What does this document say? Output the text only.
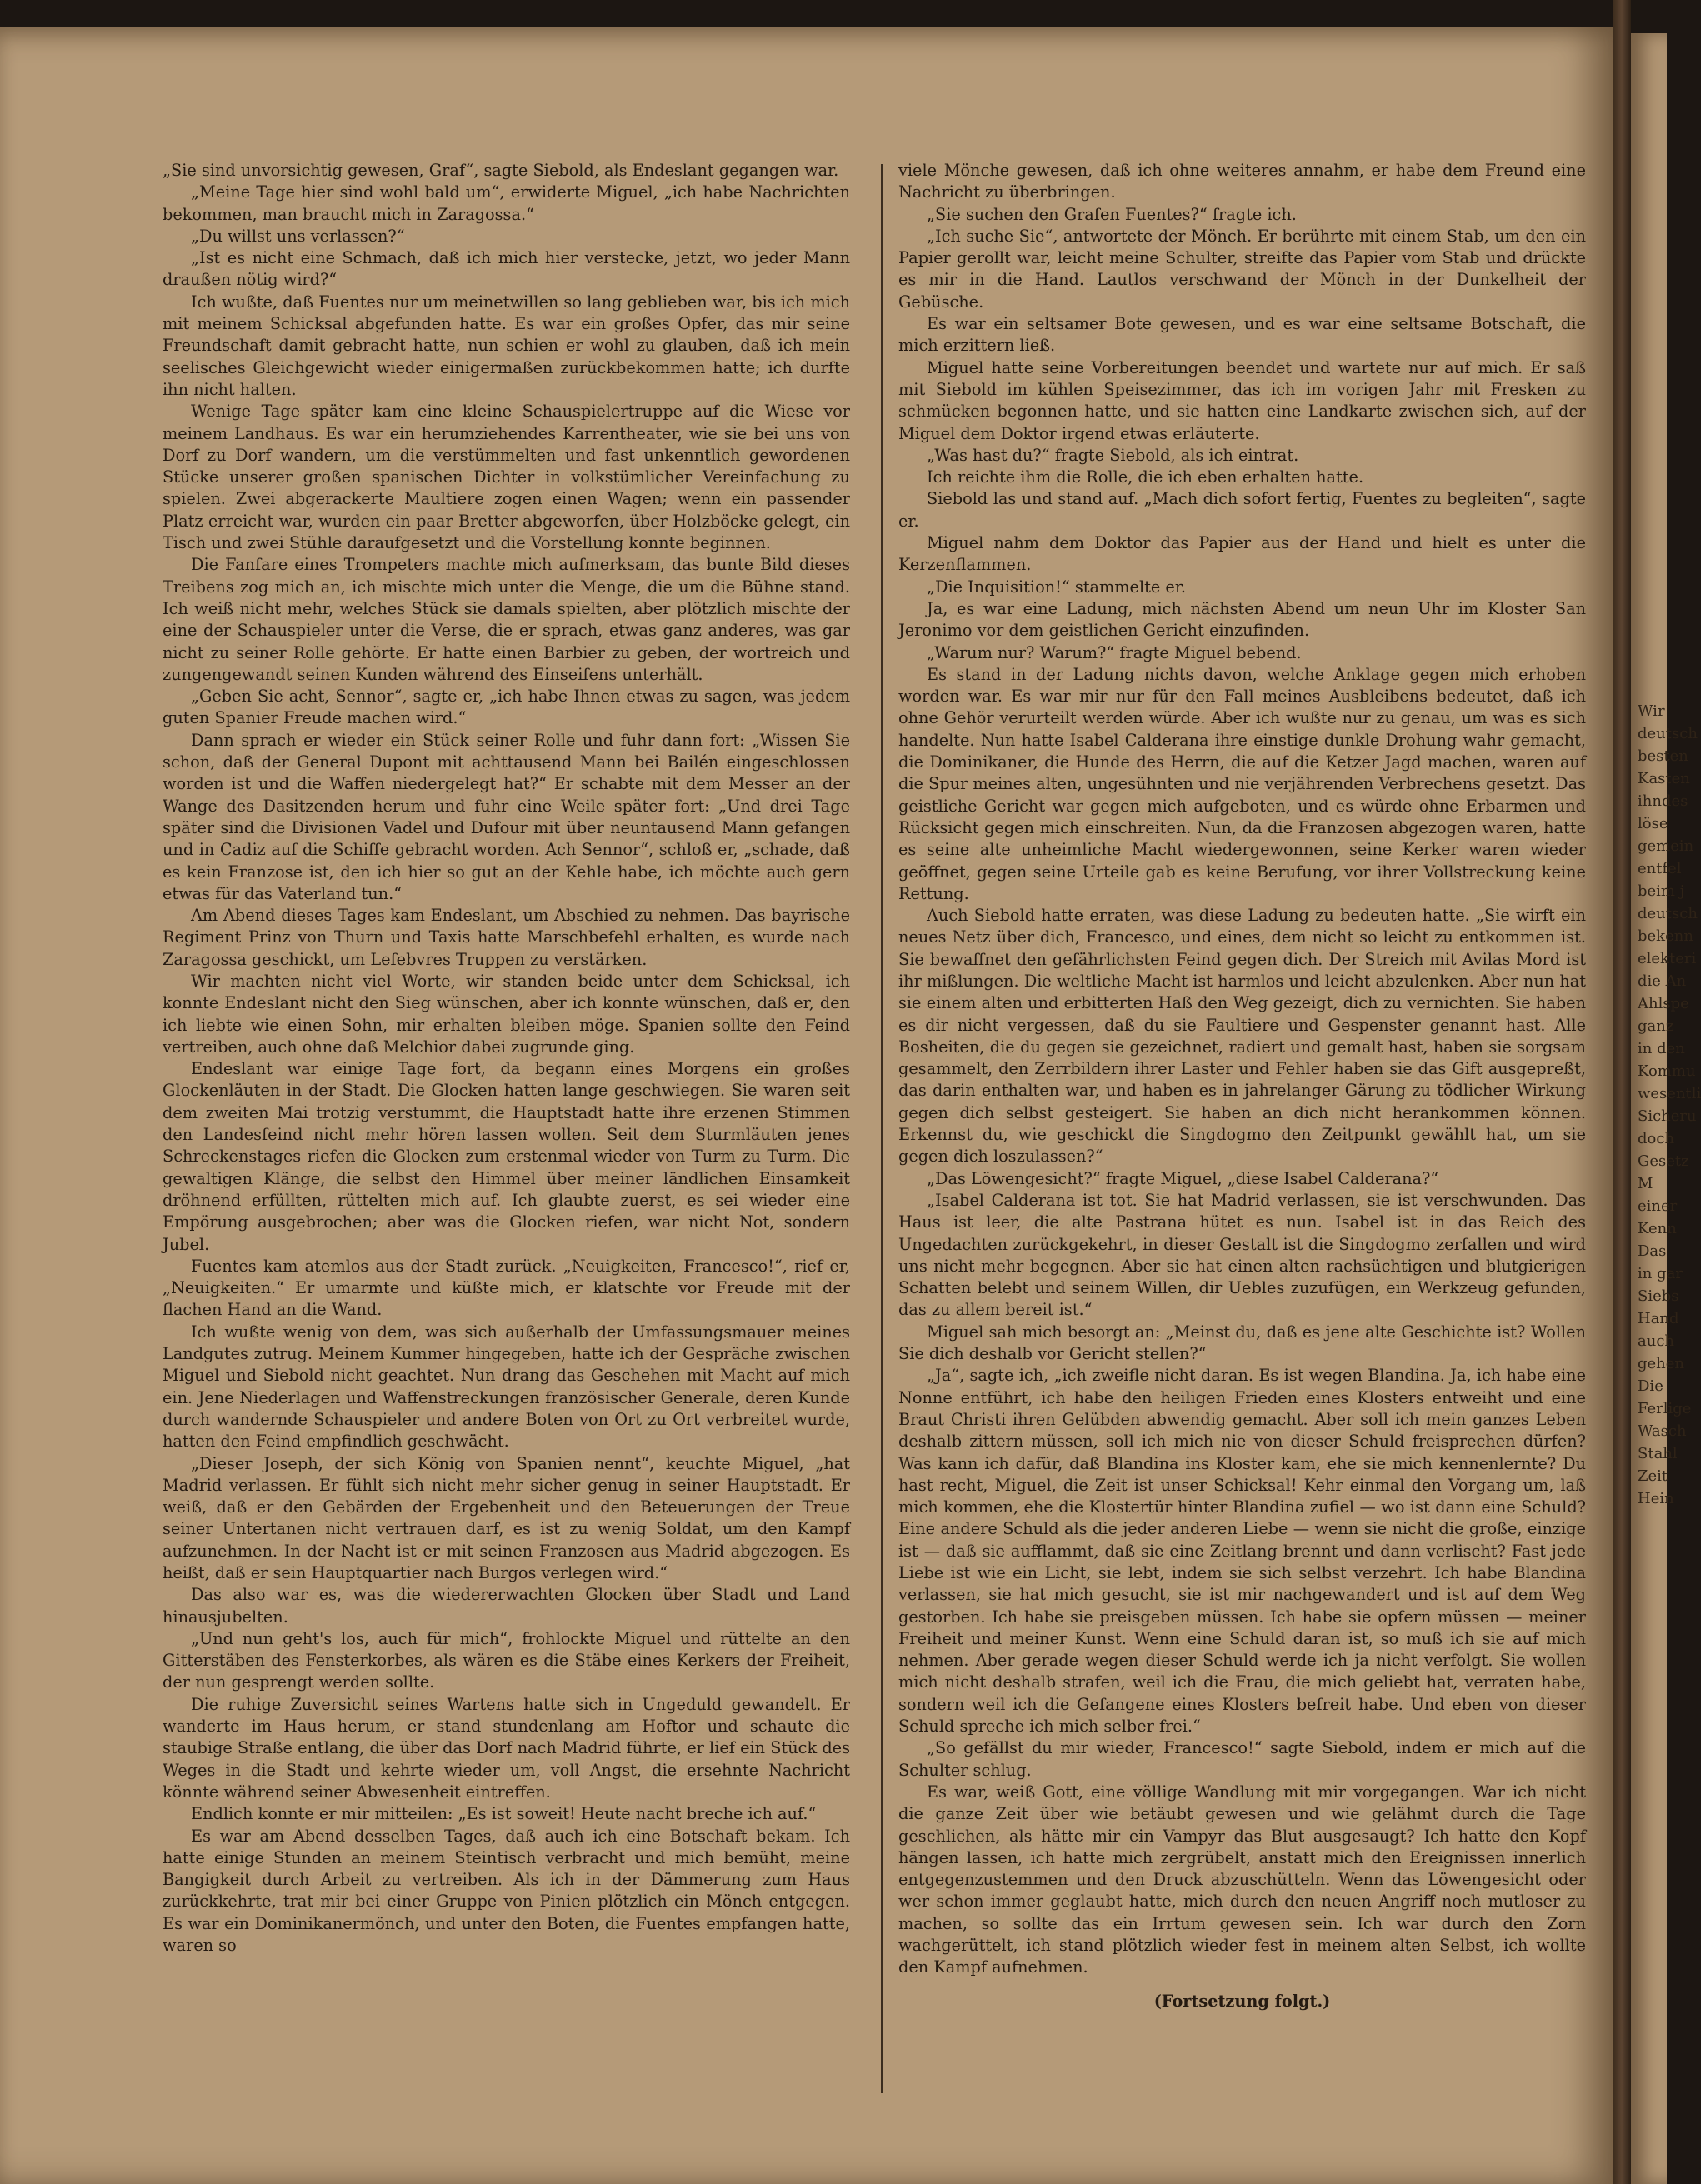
„Sie sind unvorsichtig gewesen, Graf“, sagte Siebold, als Endeslant gegangen war.

„Meine Tage hier sind wohl bald um“, erwiderte Miguel, „ich habe Nachrichten bekommen, man braucht mich in Zaragossa.“

„Du willst uns verlassen?“

„Ist es nicht eine Schmach, daß ich mich hier verstecke, jetzt, wo jeder Mann draußen nötig wird?“

Ich wußte, daß Fuentes nur um meinetwillen so lang geblieben war, bis ich mich mit meinem Schicksal abgefunden hatte. Es war ein großes Opfer, das mir seine Freundschaft damit gebracht hatte, nun schien er wohl zu glauben, daß ich mein seelisches Gleichgewicht wieder einigermaßen zurückbekommen hatte; ich durfte ihn nicht halten.

Wenige Tage später kam eine kleine Schauspielertruppe auf die Wiese vor meinem Landhaus. Es war ein herumziehendes Karrentheater, wie sie bei uns von Dorf zu Dorf wandern, um die verstümmelten und fast unkenntlich gewordenen Stücke unserer großen spanischen Dichter in volkstümlicher Vereinfachung zu spielen. Zwei abgerackerte Maultiere zogen einen Wagen; wenn ein passender Platz erreicht war, wurden ein paar Bretter abgeworfen, über Holzböcke gelegt, ein Tisch und zwei Stühle daraufgesetzt und die Vorstellung konnte beginnen.

Die Fanfare eines Trompeters machte mich aufmerksam, das bunte Bild dieses Treibens zog mich an, ich mischte mich unter die Menge, die um die Bühne stand. Ich weiß nicht mehr, welches Stück sie damals spielten, aber plötzlich mischte der eine der Schauspieler unter die Verse, die er sprach, etwas ganz anderes, was gar nicht zu seiner Rolle gehörte. Er hatte einen Barbier zu geben, der wortreich und zungengewandt seinen Kunden während des Einseifens unterhält.

„Geben Sie acht, Sennor“, sagte er, „ich habe Ihnen etwas zu sagen, was jedem guten Spanier Freude machen wird.“

Dann sprach er wieder ein Stück seiner Rolle und fuhr dann fort: „Wissen Sie schon, daß der General Dupont mit achttausend Mann bei Bailén eingeschlossen worden ist und die Waffen niedergelegt hat?“ Er schabte mit dem Messer an der Wange des Dasitzenden herum und fuhr eine Weile später fort: „Und drei Tage später sind die Divisionen Vadel und Dufour mit über neuntausend Mann gefangen und in Cadiz auf die Schiffe gebracht worden. Ach Sennor“, schloß er, „schade, daß es kein Franzose ist, den ich hier so gut an der Kehle habe, ich möchte auch gern etwas für das Vaterland tun.“

Am Abend dieses Tages kam Endeslant, um Abschied zu nehmen. Das bayrische Regiment Prinz von Thurn und Taxis hatte Marschbefehl erhalten, es wurde nach Zaragossa geschickt, um Lefebvres Truppen zu verstärken.

Wir machten nicht viel Worte, wir standen beide unter dem Schicksal, ich konnte Endeslant nicht den Sieg wünschen, aber ich konnte wünschen, daß er, den ich liebte wie einen Sohn, mir erhalten bleiben möge. Spanien sollte den Feind vertreiben, auch ohne daß Melchior dabei zugrunde ging.

Endeslant war einige Tage fort, da begann eines Morgens ein großes Glockenläuten in der Stadt. Die Glocken hatten lange geschwiegen. Sie waren seit dem zweiten Mai trotzig verstummt, die Hauptstadt hatte ihre erzenen Stimmen den Landesfeind nicht mehr hören lassen wollen. Seit dem Sturmläuten jenes Schreckenstages riefen die Glocken zum erstenmal wieder von Turm zu Turm. Die gewaltigen Klänge, die selbst den Himmel über meiner ländlichen Einsamkeit dröhnend erfüllten, rüttelten mich auf. Ich glaubte zuerst, es sei wieder eine Empörung ausgebrochen; aber was die Glocken riefen, war nicht Not, sondern Jubel.

Fuentes kam atemlos aus der Stadt zurück. „Neuigkeiten, Francesco!“, rief er, „Neuigkeiten.“ Er umarmte und küßte mich, er klatschte vor Freude mit der flachen Hand an die Wand.

Ich wußte wenig von dem, was sich außerhalb der Umfassungsmauer meines Landgutes zutrug. Meinem Kummer hingegeben, hatte ich der Gespräche zwischen Miguel und Siebold nicht geachtet. Nun drang das Geschehen mit Macht auf mich ein. Jene Niederlagen und Waffenstreckungen französischer Generale, deren Kunde durch wandernde Schauspieler und andere Boten von Ort zu Ort verbreitet wurde, hatten den Feind empfindlich geschwächt.

„Dieser Joseph, der sich König von Spanien nennt“, keuchte Miguel, „hat Madrid verlassen. Er fühlt sich nicht mehr sicher genug in seiner Hauptstadt. Er weiß, daß er den Gebärden der Ergebenheit und den Beteuerungen der Treue seiner Untertanen nicht vertrauen darf, es ist zu wenig Soldat, um den Kampf aufzunehmen. In der Nacht ist er mit seinen Franzosen aus Madrid abgezogen. Es heißt, daß er sein Hauptquartier nach Burgos verlegen wird.“

Das also war es, was die wiedererwachten Glocken über Stadt und Land hinausjubelten.

„Und nun geht's los, auch für mich“, frohlockte Miguel und rüttelte an den Gitterstäben des Fensterkorbes, als wären es die Stäbe eines Kerkers der Freiheit, der nun gesprengt werden sollte.

Die ruhige Zuversicht seines Wartens hatte sich in Ungeduld gewandelt. Er wanderte im Haus herum, er stand stundenlang am Hoftor und schaute die staubige Straße entlang, die über das Dorf nach Madrid führte, er lief ein Stück des Weges in die Stadt und kehrte wieder um, voll Angst, die ersehnte Nachricht könnte während seiner Abwesenheit eintreffen.

Endlich konnte er mir mitteilen: „Es ist soweit! Heute nacht breche ich auf.“

Es war am Abend desselben Tages, daß auch ich eine Botschaft bekam. Ich hatte einige Stunden an meinem Steintisch verbracht und mich bemüht, meine Bangigkeit durch Arbeit zu vertreiben. Als ich in der Dämmerung zum Haus zurückkehrte, trat mir bei einer Gruppe von Pinien plötzlich ein Mönch entgegen. Es war ein Dominikanermönch, und unter den Boten, die Fuentes empfangen hatte, waren so

viele Mönche gewesen, daß ich ohne weiteres annahm, er habe dem Freund eine Nachricht zu überbringen.

„Sie suchen den Grafen Fuentes?“ fragte ich.

„Ich suche Sie“, antwortete der Mönch. Er berührte mit einem Stab, um den ein Papier gerollt war, leicht meine Schulter, streifte das Papier vom Stab und drückte es mir in die Hand. Lautlos verschwand der Mönch in der Dunkelheit der Gebüsche.

Es war ein seltsamer Bote gewesen, und es war eine seltsame Botschaft, die mich erzittern ließ.

Miguel hatte seine Vorbereitungen beendet und wartete nur auf mich. Er saß mit Siebold im kühlen Speisezimmer, das ich im vorigen Jahr mit Fresken zu schmücken begonnen hatte, und sie hatten eine Landkarte zwischen sich, auf der Miguel dem Doktor irgend etwas erläuterte.

„Was hast du?“ fragte Siebold, als ich eintrat.

Ich reichte ihm die Rolle, die ich eben erhalten hatte.

Siebold las und stand auf. „Mach dich sofort fertig, Fuentes zu begleiten“, sagte er.

Miguel nahm dem Doktor das Papier aus der Hand und hielt es unter die Kerzenflammen.

„Die Inquisition!“ stammelte er.

Ja, es war eine Ladung, mich nächsten Abend um neun Uhr im Kloster San Jeronimo vor dem geistlichen Gericht einzufinden.

„Warum nur? Warum?“ fragte Miguel bebend.

Es stand in der Ladung nichts davon, welche Anklage gegen mich erhoben worden war. Es war mir nur für den Fall meines Ausbleibens bedeutet, daß ich ohne Gehör verurteilt werden würde. Aber ich wußte nur zu genau, um was es sich handelte. Nun hatte Isabel Calderana ihre einstige dunkle Drohung wahr gemacht, die Dominikaner, die Hunde des Herrn, die auf die Ketzer Jagd machen, waren auf die Spur meines alten, ungesühnten und nie verjährenden Verbrechens gesetzt. Das geistliche Gericht war gegen mich aufgeboten, und es würde ohne Erbarmen und Rücksicht gegen mich einschreiten. Nun, da die Franzosen abgezogen waren, hatte es seine alte unheimliche Macht wiedergewonnen, seine Kerker waren wieder geöffnet, gegen seine Urteile gab es keine Berufung, vor ihrer Vollstreckung keine Rettung.

Auch Siebold hatte erraten, was diese Ladung zu bedeuten hatte. „Sie wirft ein neues Netz über dich, Francesco, und eines, dem nicht so leicht zu entkommen ist. Sie bewaffnet den gefährlichsten Feind gegen dich. Der Streich mit Avilas Mord ist ihr mißlungen. Die weltliche Macht ist harmlos und leicht abzulenken. Aber nun hat sie einem alten und erbitterten Haß den Weg gezeigt, dich zu vernichten. Sie haben es dir nicht vergessen, daß du sie Faultiere und Gespenster genannt hast. Alle Bosheiten, die du gegen sie gezeichnet, radiert und gemalt hast, haben sie sorgsam gesammelt, den Zerrbildern ihrer Laster und Fehler haben sie das Gift ausgepreßt, das darin enthalten war, und haben es in jahrelanger Gärung zu tödlicher Wirkung gegen dich selbst gesteigert. Sie haben an dich nicht herankommen können. Erkennst du, wie geschickt die Singdogmo den Zeitpunkt gewählt hat, um sie gegen dich loszulassen?“

„Das Löwengesicht?“ fragte Miguel, „diese Isabel Calderana?“

„Isabel Calderana ist tot. Sie hat Madrid verlassen, sie ist verschwunden. Das Haus ist leer, die alte Pastrana hütet es nun. Isabel ist in das Reich des Ungedachten zurückgekehrt, in dieser Gestalt ist die Singdogmo zerfallen und wird uns nicht mehr begegnen. Aber sie hat einen alten rachsüchtigen und blutgierigen Schatten belebt und seinem Willen, dir Uebles zuzufügen, ein Werkzeug gefunden, das zu allem bereit ist.“

Miguel sah mich besorgt an: „Meinst du, daß es jene alte Geschichte ist? Wollen Sie dich deshalb vor Gericht stellen?“

„Ja“, sagte ich, „ich zweifle nicht daran. Es ist wegen Blandina. Ja, ich habe eine Nonne entführt, ich habe den heiligen Frieden eines Klosters entweiht und eine Braut Christi ihren Gelübden abwendig gemacht. Aber soll ich mein ganzes Leben deshalb zittern müssen, soll ich mich nie von dieser Schuld freisprechen dürfen? Was kann ich dafür, daß Blandina ins Kloster kam, ehe sie mich kennenlernte? Du hast recht, Miguel, die Zeit ist unser Schicksal! Kehr einmal den Vorgang um, laß mich kommen, ehe die Klostertür hinter Blandina zufiel — wo ist dann eine Schuld? Eine andere Schuld als die jeder anderen Liebe — wenn sie nicht die große, einzige ist — daß sie aufflammt, daß sie eine Zeitlang brennt und dann verlischt? Fast jede Liebe ist wie ein Licht, sie lebt, indem sie sich selbst verzehrt. Ich habe Blandina verlassen, sie hat mich gesucht, sie ist mir nachgewandert und ist auf dem Weg gestorben. Ich habe sie preisgeben müssen. Ich habe sie opfern müssen — meiner Freiheit und meiner Kunst. Wenn eine Schuld daran ist, so muß ich sie auf mich nehmen. Aber gerade wegen dieser Schuld werde ich ja nicht verfolgt. Sie wollen mich nicht deshalb strafen, weil ich die Frau, die mich geliebt hat, verraten habe, sondern weil ich die Gefangene eines Klosters befreit habe. Und eben von dieser Schuld spreche ich mich selber frei.“

„So gefällst du mir wieder, Francesco!“ sagte Siebold, indem er mich auf die Schulter schlug.

Es war, weiß Gott, eine völlige Wandlung mit mir vorgegangen. War ich nicht die ganze Zeit über wie betäubt gewesen und wie gelähmt durch die Tage geschlichen, als hätte mir ein Vampyr das Blut ausgesaugt? Ich hatte den Kopf hängen lassen, ich hatte mich zergrübelt, anstatt mich den Ereignissen innerlich entgegenzustemmen und den Druck abzuschütteln. Wenn das Löwengesicht oder wer schon immer geglaubt hatte, mich durch den neuen Angriff noch mutloser zu machen, so sollte das ein Irrtum gewesen sein. Ich war durch den Zorn wachgerüttelt, ich stand plötzlich wieder fest in meinem alten Selbst, ich wollte den Kampf aufnehmen.

(Fortsetzung folgt.)

Wir
deutsch
besten
Kasten
ihndes
löse
gemein
entfel
beim j
deutsch
bekenn
elekteri
die An
Ahlspe
ganz
in den
Kommu
wesentli
Sicheru
doch
Gesetz
M
einer
Kenn
Das
in gar
Siebs
Hand
auch
gehen
Die
Ferlige
Wasch
Stahl
Zeit
Hein
